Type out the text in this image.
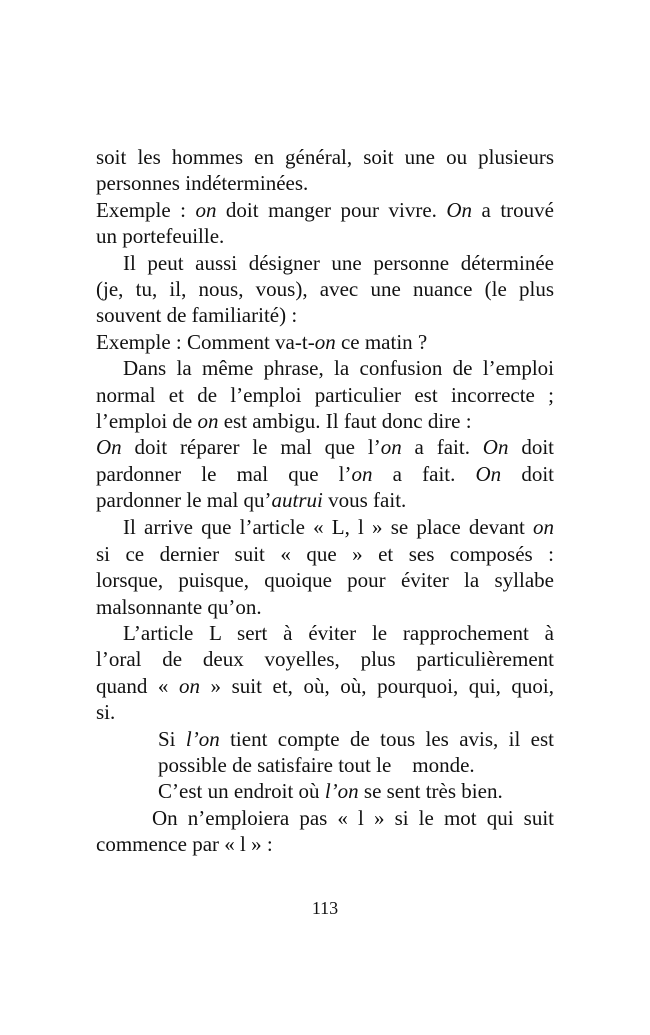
soit les hommes en général, soit une ou plusieurs
personnes indéterminées.
Exemple : on doit manger pour vivre. On a trouvé
un portefeuille.
Il peut aussi désigner une personne déterminée
(je, tu, il, nous, vous), avec une nuance (le plus
souvent de familiarité) :
Exemple : Comment va-t-on ce matin ?
Dans la même phrase, la confusion de l’emploi
normal et de l’emploi particulier est incorrecte ;
l’emploi de on est ambigu. Il faut donc dire :
On doit réparer le mal que l’on a fait. On doit
pardonner le mal que l’on a fait. On doit
pardonner le mal qu’autrui vous fait.
Il arrive que l’article « L, l » se place devant on
si ce dernier suit « que » et ses composés :
lorsque, puisque, quoique pour éviter la syllabe
malsonnante qu’on.
L’article L sert à éviter le rapprochement à
l’oral de deux voyelles, plus particulièrement
quand « on » suit et, où, où, pourquoi, qui, quoi,
si.
Si l’on tient compte de tous les avis, il est
possible de satisfaire tout le    monde.
C’est un endroit où l’on se sent très bien.
On n’emploiera pas « l » si le mot qui suit
commence par « l » :
113
